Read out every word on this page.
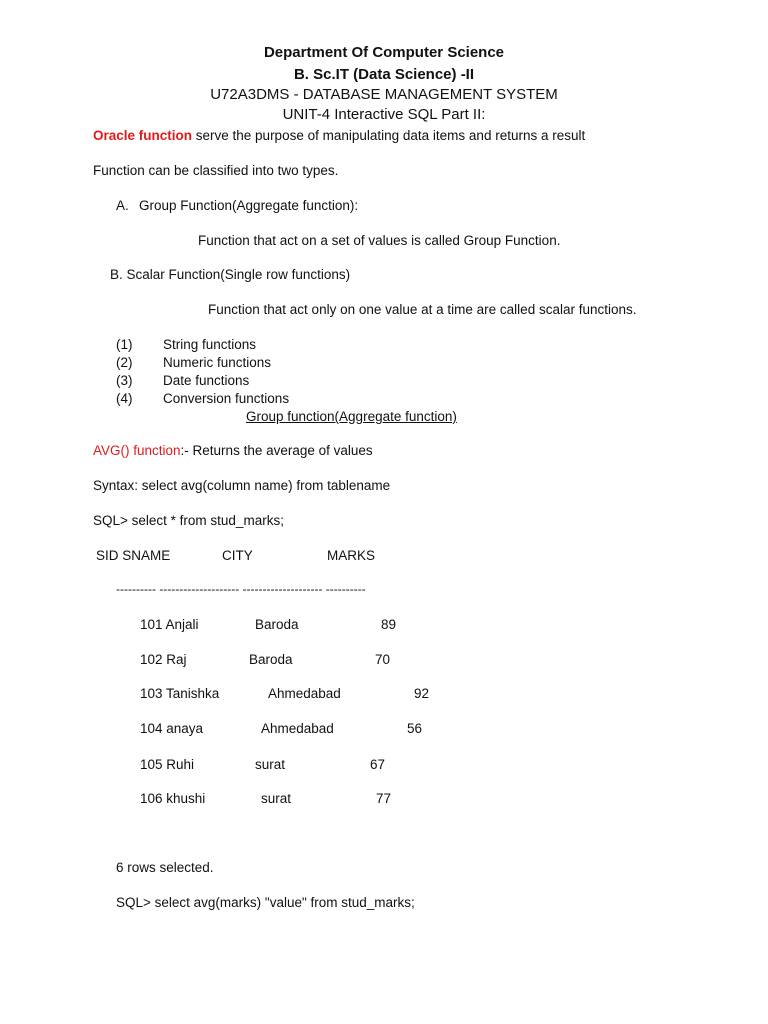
Department Of Computer Science
B. Sc.IT (Data Science) -II
U72A3DMS - DATABASE MANAGEMENT SYSTEM
UNIT-4 Interactive SQL Part II:
Oracle function serve the purpose of manipulating data items and returns a result
Function can be classified into two types.
A. Group Function(Aggregate function):
Function that act on a set of values is called Group Function.
B. Scalar Function(Single row functions)
Function that act only on one value at a time are called scalar functions.
(1) String functions
(2) Numeric functions
(3) Date functions
(4) Conversion functions
Group function(Aggregate function)
AVG() function:- Returns the average of values
Syntax: select avg(column name) from tablename
SQL> select * from stud_marks;
SID SNAME	CITY	MARKS
---------- -------------------- -------------------- ----------
101 Anjali	Baroda	89
102 Raj	Baroda	70
103 Tanishka	Ahmedabad	92
104 anaya	Ahmedabad	56
105 Ruhi	surat	67
106 khushi	surat	77
6 rows selected.
SQL> select avg(marks) "value" from stud_marks;
